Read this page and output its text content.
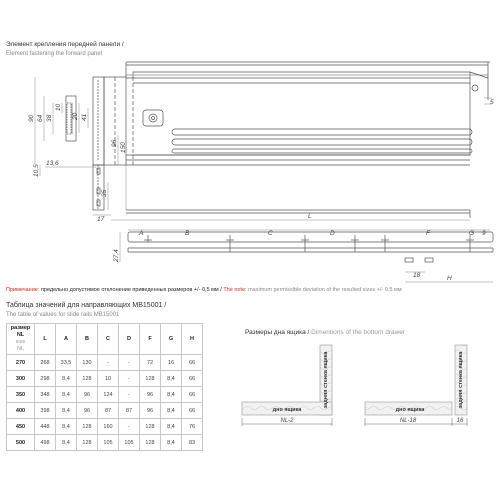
Элемент крепления передней панели /
Element fastening the forward panel
90 64 38
10
20 41
96 150
35
10,5
13,6
17	L
5
A	B	C	D	F	G 9
27,4
18	H
Примечание: предельно допустимое отклонение приведенных размеров +/- 0,5 мм / The note: maximum permissible deviation of the resulted sizes +/- 0,5 мм
Таблица значений для направляющих МВ15001 /
The table of values for slide rails MB15001
размер
NL
size
NL	L	A	B	C	D	F	G	H
270	268	33,5	130	-	-	72	16	66
300	298	8,4	128	10	-	128	8,4	66
350	348	8,4	96	124	-	96	8,4	66
400	398	8,4	96	87	87	96	8,4	66
450	448	8,4	128	160	-	128	8,4	76
500	498	8,4	128	105	105	128	8,4	83
Размеры дна ящика / Dimentions of the bottom drawer
задняя стенка ящика
дно ящика
NL-2
задняя стенка ящика
дно ящика
NL-18	16
